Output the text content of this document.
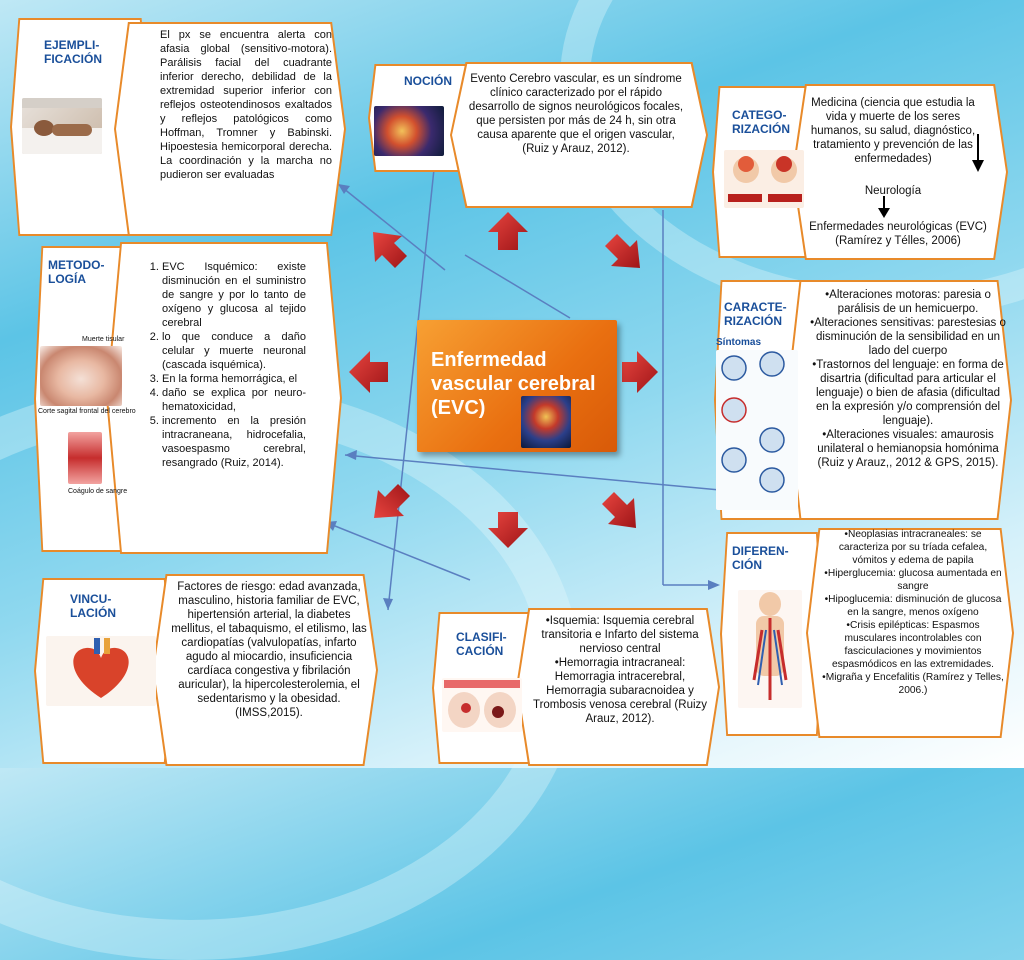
EJEMPLI-
FICACIÓN
El px se encuentra alerta con afasia global (sensitivo-motora). Parálisis facial del cuadrante inferior derecho, debilidad de la extremidad superior inferior con reflejos osteotendinosos exaltados y reflejos patológicos como Hoffman, Tromner y Babinski. Hipoestesia hemicorporal derecha. La coordinación y la marcha no pudieron ser evaluadas
NOCIÓN	Evento Cerebro vascular, es un síndrome clínico caracterizado por el rápido desarrollo de signos neurológicos focales, que persisten por más de 24 h, sin otra causa aparente que el origen vascular, (Ruiz y Arauz, 2012).
CATEGO-
RIZACIÓN
Medicina (ciencia que estudia la vida y muerte de los seres humanos, su salud, diagnóstico, tratamiento y prevención de las enfermedades)
Neurología
Enfermedades neurológicas (EVC) (Ramírez y Télles, 2006)
METODO-
LOGÍA
Muerte tisular
Corte sagital frontal del cerebro
Coágulo de sangre
1. EVC Isquémico: existe disminución en el suministro de sangre y por lo tanto de oxígeno y glucosa al tejido cerebral
2. lo que conduce a daño celular y muerte neuronal (cascada isquémica).
3. En la forma hemorrágica, el
4. daño se explica por neuro-hematoxicidad,
5. incremento en la presión intracraneana, hidrocefalia, vasoespasmo cerebral, resangrado (Ruiz, 2014).
Enfermedad vascular cerebral (EVC)
CARACTE-
RIZACIÓN
Síntomas
•Alteraciones motoras: paresia o parálisis de un hemicuerpo.
•Alteraciones sensitivas: parestesias o disminución de la sensibilidad en un lado del cuerpo
•Trastornos del lenguaje: en forma de disartria (dificultad para articular el lenguaje) o bien de afasia (dificultad en la expresión y/o comprensión del lenguaje).
•Alteraciones visuales: amaurosis unilateral o hemianopsia homónima (Ruiz y Arauz,, 2012 & GPS, 2015).
VINCU-
LACIÓN
Factores de riesgo: edad avanzada, masculino, historia familiar de EVC, hipertensión arterial, la diabetes mellitus, el tabaquismo, el etilismo, las cardiopatías (valvulopatías, infarto agudo al miocardio, insuficiencia cardíaca congestiva y fibrilación auricular), la hipercolesterolemia, el sedentarismo y la obesidad. (IMSS,2015).
CLASIFI-
CACIÓN
•Isquemia: Isquemia cerebral transitoria e Infarto del sistema nervioso central
•Hemorragia intracraneal: Hemorragia intracerebral, Hemorragia subaracnoidea y Trombosis venosa cerebral (Ruizy Arauz, 2012).
DIFEREN-
CIÓN
•Neoplasias intracraneales: se caracteriza por su tríada cefalea, vómitos y edema de papila
•Hiperglucemia: glucosa aumentada en sangre
•Hipoglucemia: disminución de glucosa en la sangre, menos oxígeno
•Crisis epilépticas: Espasmos musculares incontrolables con fasciculaciones y movimientos espasmódicos en las extremidades.
•Migraña y Encefalitis (Ramírez y Telles, 2006.)
